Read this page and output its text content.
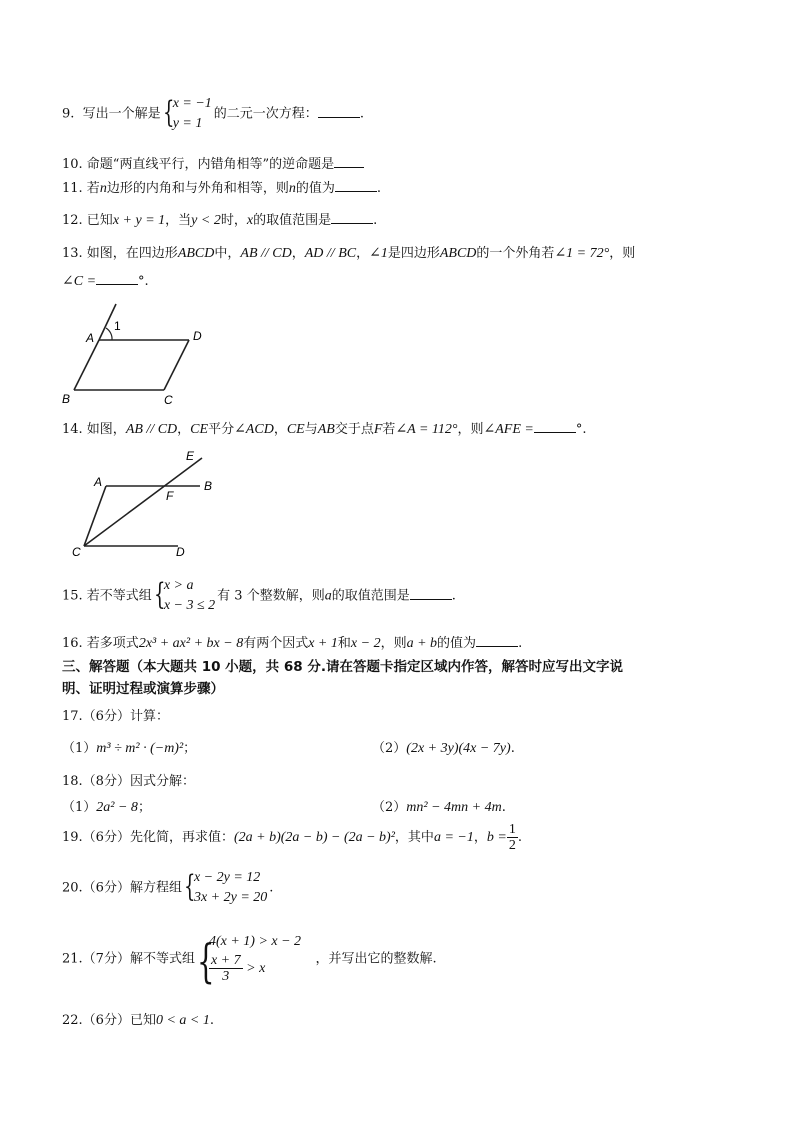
9. 写出一个解是 {
x = −1
y = 1
的二元一次方程：	.
10. 命题“两直线平行，内错角相等”的逆命题是
11. 若n边形的内角和与外角和相等，则n的值为	.
12. 已知x + y = 1，当y < 2时，x的取值范围是	.
13. 如图，在四边形ABCD中，AB // CD，AD // BC，∠1是四边形ABCD的一个外角若∠1 = 72°，则
∠C =	°.
A
1
D
B	C
14. 如图，AB // CD，CE平分∠ACD，CE与AB交于点F若∠A = 112°，则∠AFE =	°.
A	B
F
E
C	D
15. 若不等式组 {
x > a
x − 3 ≤ 2
有 3 个整数解，则a的取值范围是	.
16. 若多项式2x³ + ax² + bx − 8有两个因式x + 1和x − 2，则a + b的值为	.
三、解答题（本大题共 10 小题，共 68 分.请在答题卡指定区域内作答，解答时应写出文字说
明、证明过程或演算步骤）
17.（6分）计算：
（1）m³ ÷ m² · (−m)²；	（2）(2x + 3y)(4x − 7y).
18.（8分）因式分解：
（1）2a² − 8；	（2）mn² − 4mn + 4m.
19.（6分）先化简，再求值：(2a + b)(2a − b) − (2a − b)²，其中a = −1，$b = \frac{1}{2}$ .
20.（6分）解方程组 {
x − 2y = 12
3x + 2y = 20
.
21.（7分）解不等式组 {
4(x + 1) > x − 2
$\frac{x + 7}{3} > x$
，并写出它的整数解.
22.（6分）已知0 < a < 1.
